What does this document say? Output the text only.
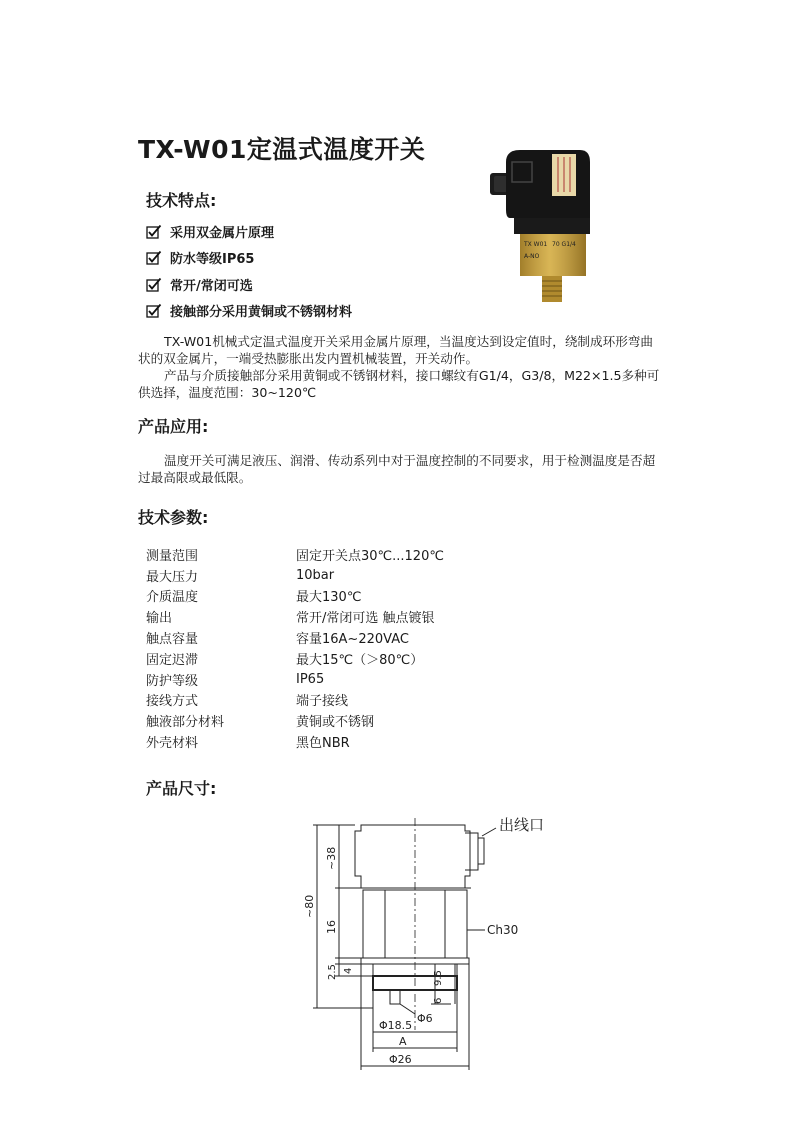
TX-W01定温式温度开关
技术特点:
采用双金属片原理
防水等级IP65
常开/常闭可选
接触部分采用黄铜或不锈钢材料
TX W01 70 G1/4
A-NO

TX-W01机械式定温式温度开关采用金属片原理，当温度达到设定值时，绕制成环形弯曲状的双金属片，一端受热膨胀出发内置机械装置，开关动作。

产品与介质接触部分采用黄铜或不锈钢材料，接口螺纹有G1/4，G3/8，M22×1.5多种可供选择，温度范围：30~120℃

产品应用:

温度开关可满足液压、润滑、传动系列中对于温度控制的不同要求，用于检测温度是否超过最高限或最低限。

技术参数:
测量范围	固定开关点30℃...120℃
最大压力	10bar
介质温度	最大130℃
输出	常开/常闭可选 触点镀银
触点容量	容量16A~220VAC
固定迟滞	最大15℃（＞80℃）
防护等级	IP65
接线方式	端子接线
触液部分材料	黄铜或不锈钢
外壳材料	黑色NBR
产品尺寸:
出线口
Ch30
~80
~38
16
2.5 4
6
9.5
Φ6
Φ18.5
A
Φ26
